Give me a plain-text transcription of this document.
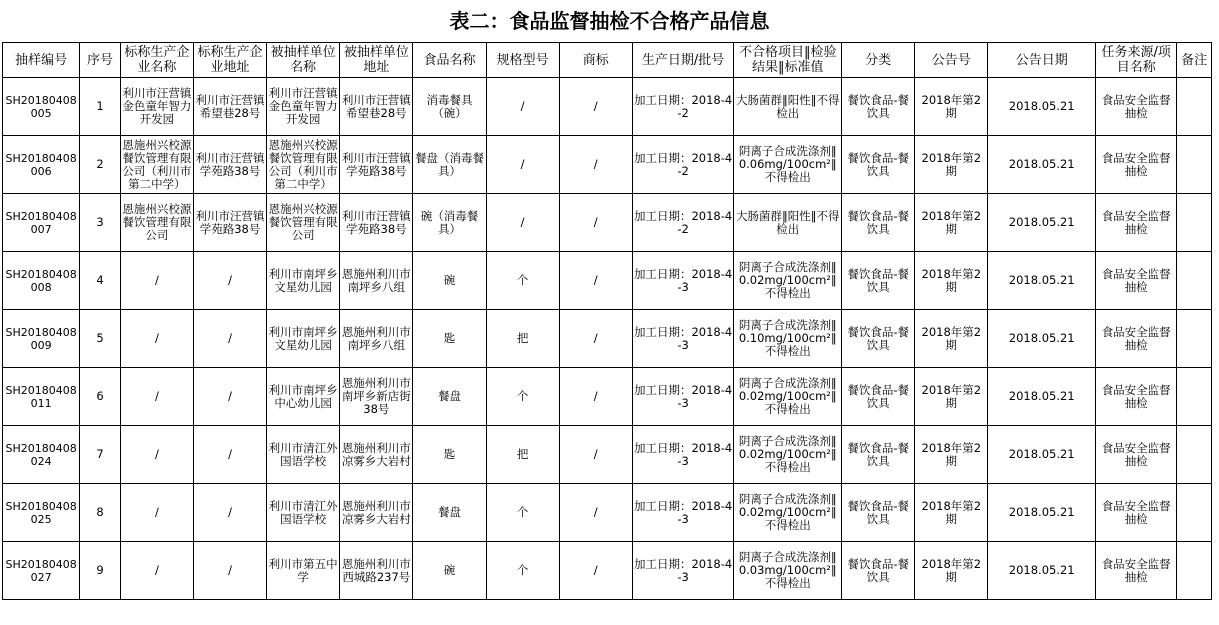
表二：食品监督抽检不合格产品信息
抽样编号	序号	标称生产企业名称	标称生产企业地址	被抽样单位名称	被抽样单位地址	食品名称	规格型号	商标	生产日期/批号	不合格项目‖检验结果‖标准值	分类	公告号	公告日期	任务来源/项目名称	备注
SH20180408005	1	利川市汪营镇金色童年智力开发园	利川市汪营镇希望巷28号	利川市汪营镇金色童年智力开发园	利川市汪营镇希望巷28号	消毒餐具（碗）	/	/	加工日期：2018-4-2	大肠菌群‖阳性‖不得检出	餐饮食品-餐饮具	2018年第2期	2018.05.21	食品安全监督抽检	
SH20180408006	2	恩施州兴校源餐饮管理有限公司（利川市第二中学）	利川市汪营镇学苑路38号	恩施州兴校源餐饮管理有限公司（利川市第二中学）	利川市汪营镇学苑路38号	餐盘（消毒餐具）	/	/	加工日期：2018-4-2	阴离子合成洗涤剂‖0.06mg/100cm²‖不得检出	餐饮食品-餐饮具	2018年第2期	2018.05.21	食品安全监督抽检	
SH20180408007	3	恩施州兴校源餐饮管理有限公司	利川市汪营镇学苑路38号	恩施州兴校源餐饮管理有限公司	利川市汪营镇学苑路38号	碗（消毒餐具）	/	/	加工日期：2018-4-2	大肠菌群‖阳性‖不得检出	餐饮食品-餐饮具	2018年第2期	2018.05.21	食品安全监督抽检	
SH20180408008	4	/	/	利川市南坪乡文星幼儿园	恩施州利川市南坪乡八组	碗	个	/	加工日期：2018-4-3	阴离子合成洗涤剂‖0.02mg/100cm²‖不得检出	餐饮食品-餐饮具	2018年第2期	2018.05.21	食品安全监督抽检	
SH20180408009	5	/	/	利川市南坪乡文星幼儿园	恩施州利川市南坪乡八组	匙	把	/	加工日期：2018-4-3	阴离子合成洗涤剂‖0.10mg/100cm²‖不得检出	餐饮食品-餐饮具	2018年第2期	2018.05.21	食品安全监督抽检	
SH20180408011	6	/	/	利川市南坪乡中心幼儿园	恩施州利川市南坪乡新店街38号	餐盘	个	/	加工日期：2018-4-3	阴离子合成洗涤剂‖0.02mg/100cm²‖不得检出	餐饮食品-餐饮具	2018年第2期	2018.05.21	食品安全监督抽检	
SH20180408024	7	/	/	利川市清江外国语学校	恩施州利川市凉雾乡大岩村	匙	把	/	加工日期：2018-4-3	阴离子合成洗涤剂‖0.02mg/100cm²‖不得检出	餐饮食品-餐饮具	2018年第2期	2018.05.21	食品安全监督抽检	
SH20180408025	8	/	/	利川市清江外国语学校	恩施州利川市凉雾乡大岩村	餐盘	个	/	加工日期：2018-4-3	阴离子合成洗涤剂‖0.02mg/100cm²‖不得检出	餐饮食品-餐饮具	2018年第2期	2018.05.21	食品安全监督抽检	
SH20180408027	9	/	/	利川市第五中学	恩施州利川市西城路237号	碗	个	/	加工日期：2018-4-3	阴离子合成洗涤剂‖0.03mg/100cm²‖不得检出	餐饮食品-餐饮具	2018年第2期	2018.05.21	食品安全监督抽检	
